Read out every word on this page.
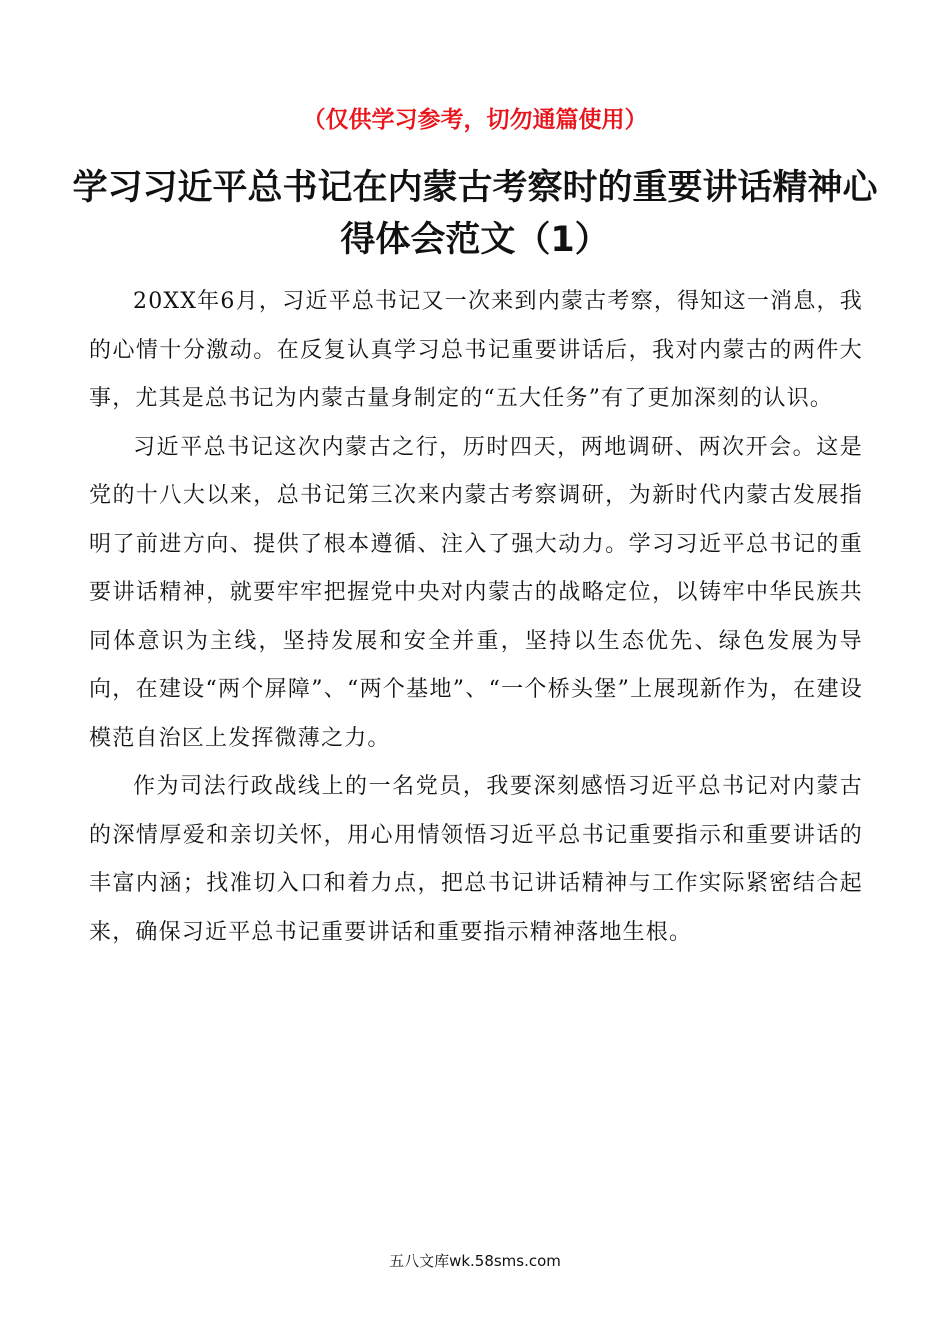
（仅供学习参考，切勿通篇使用）
学习习近平总书记在内蒙古考察时的重要讲话精神心得体会范文（1）

20XX年6月，习近平总书记又一次来到内蒙古考察，得知这一消息，我的心情十分激动。在反复认真学习总书记重要讲话后，我对内蒙古的两件大事，尤其是总书记为内蒙古量身制定的“五大任务”有了更加深刻的认识。

习近平总书记这次内蒙古之行，历时四天，两地调研、两次开会。这是党的十八大以来，总书记第三次来内蒙古考察调研，为新时代内蒙古发展指明了前进方向、提供了根本遵循、注入了强大动力。学习习近平总书记的重要讲话精神，就要牢牢把握党中央对内蒙古的战略定位，以铸牢中华民族共同体意识为主线，坚持发展和安全并重，坚持以生态优先、绿色发展为导向，在建设“两个屏障”、“两个基地”、“一个桥头堡”上展现新作为，在建设模范自治区上发挥微薄之力。

作为司法行政战线上的一名党员，我要深刻感悟习近平总书记对内蒙古的深情厚爱和亲切关怀，用心用情领悟习近平总书记重要指示和重要讲话的丰富内涵；找准切入口和着力点，把总书记讲话精神与工作实际紧密结合起来，确保习近平总书记重要讲话和重要指示精神落地生根。

五八文库wk.58sms.com
